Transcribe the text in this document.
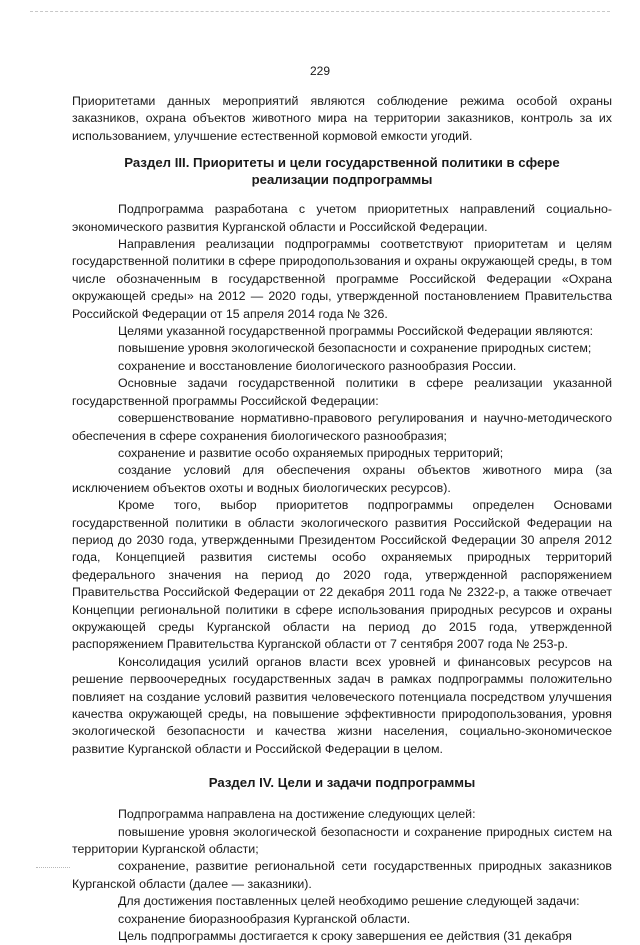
229

Приоритетами данных мероприятий являются соблюдение режима особой охраны заказников, охрана объектов животного мира на территории заказников, контроль за их использованием, улучшение естественной кормовой емкости угодий.

Раздел III. Приоритеты и цели государственной политики в сфере реализации подпрограммы

Подпрограмма разработана с учетом приоритетных направлений социально-экономического развития Курганской области и Российской Федерации.

Направления реализации подпрограммы соответствуют приоритетам и целям государственной политики в сфере природопользования и охраны окружающей среды, в том числе обозначенным в государственной программе Российской Федерации «Охрана окружающей среды» на 2012 — 2020 годы, утвержденной постановлением Правительства Российской Федерации от 15 апреля 2014 года № 326.

Целями указанной государственной программы Российской Федерации являются:

повышение уровня экологической безопасности и сохранение природных систем;

сохранение и восстановление биологического разнообразия России.

Основные задачи государственной политики в сфере реализации указанной государственной программы Российской Федерации:

совершенствование нормативно-правового регулирования и научно-методического обеспечения в сфере сохранения биологического разнообразия;

сохранение и развитие особо охраняемых природных территорий;

создание условий для обеспечения охраны объектов животного мира (за исключением объектов охоты и водных биологических ресурсов).

Кроме того, выбор приоритетов подпрограммы определен Основами государственной политики в области экологического развития Российской Федерации на период до 2030 года, утвержденными Президентом Российской Федерации 30 апреля 2012 года, Концепцией развития системы особо охраняемых природных территорий федерального значения на период до 2020 года, утвержденной распоряжением Правительства Российской Федерации от 22 декабря 2011 года № 2322-р, а также отвечает Концепции региональной политики в сфере использования природных ресурсов и охраны окружающей среды Курганской области на период до 2015 года, утвержденной распоряжением Правительства Курганской области от 7 сентября 2007 года № 253-р.

Консолидация усилий органов власти всех уровней и финансовых ресурсов на решение первоочередных государственных задач в рамках подпрограммы положительно повлияет на создание условий развития человеческого потенциала посредством улучшения качества окружающей среды, на повышение эффективности природопользования, уровня экологической безопасности и качества жизни населения, социально-экономическое развитие Курганской области и Российской Федерации в целом.

Раздел IV. Цели и задачи подпрограммы

Подпрограмма направлена на достижение следующих целей:

повышение уровня экологической безопасности и сохранение природных систем на территории Курганской области;

сохранение, развитие региональной сети государственных природных заказников Курганской области (далее — заказники).

Для достижения поставленных целей необходимо решение следующей задачи:

сохранение биоразнообразия Курганской области.

Цель подпрограммы достигается к сроку завершения ее действия (31 декабря
